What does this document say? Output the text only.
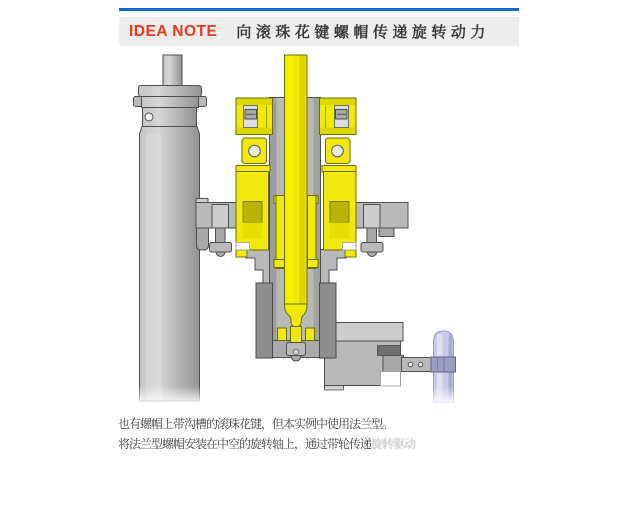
IDEA NOTE 向滚珠花键螺帽传递旋转动力
也有螺帽上带沟槽的滚珠花键，但本实例中使用法兰型。
将法兰型螺帽安装在中空的旋转轴上，通过带轮传递旋转驱动
